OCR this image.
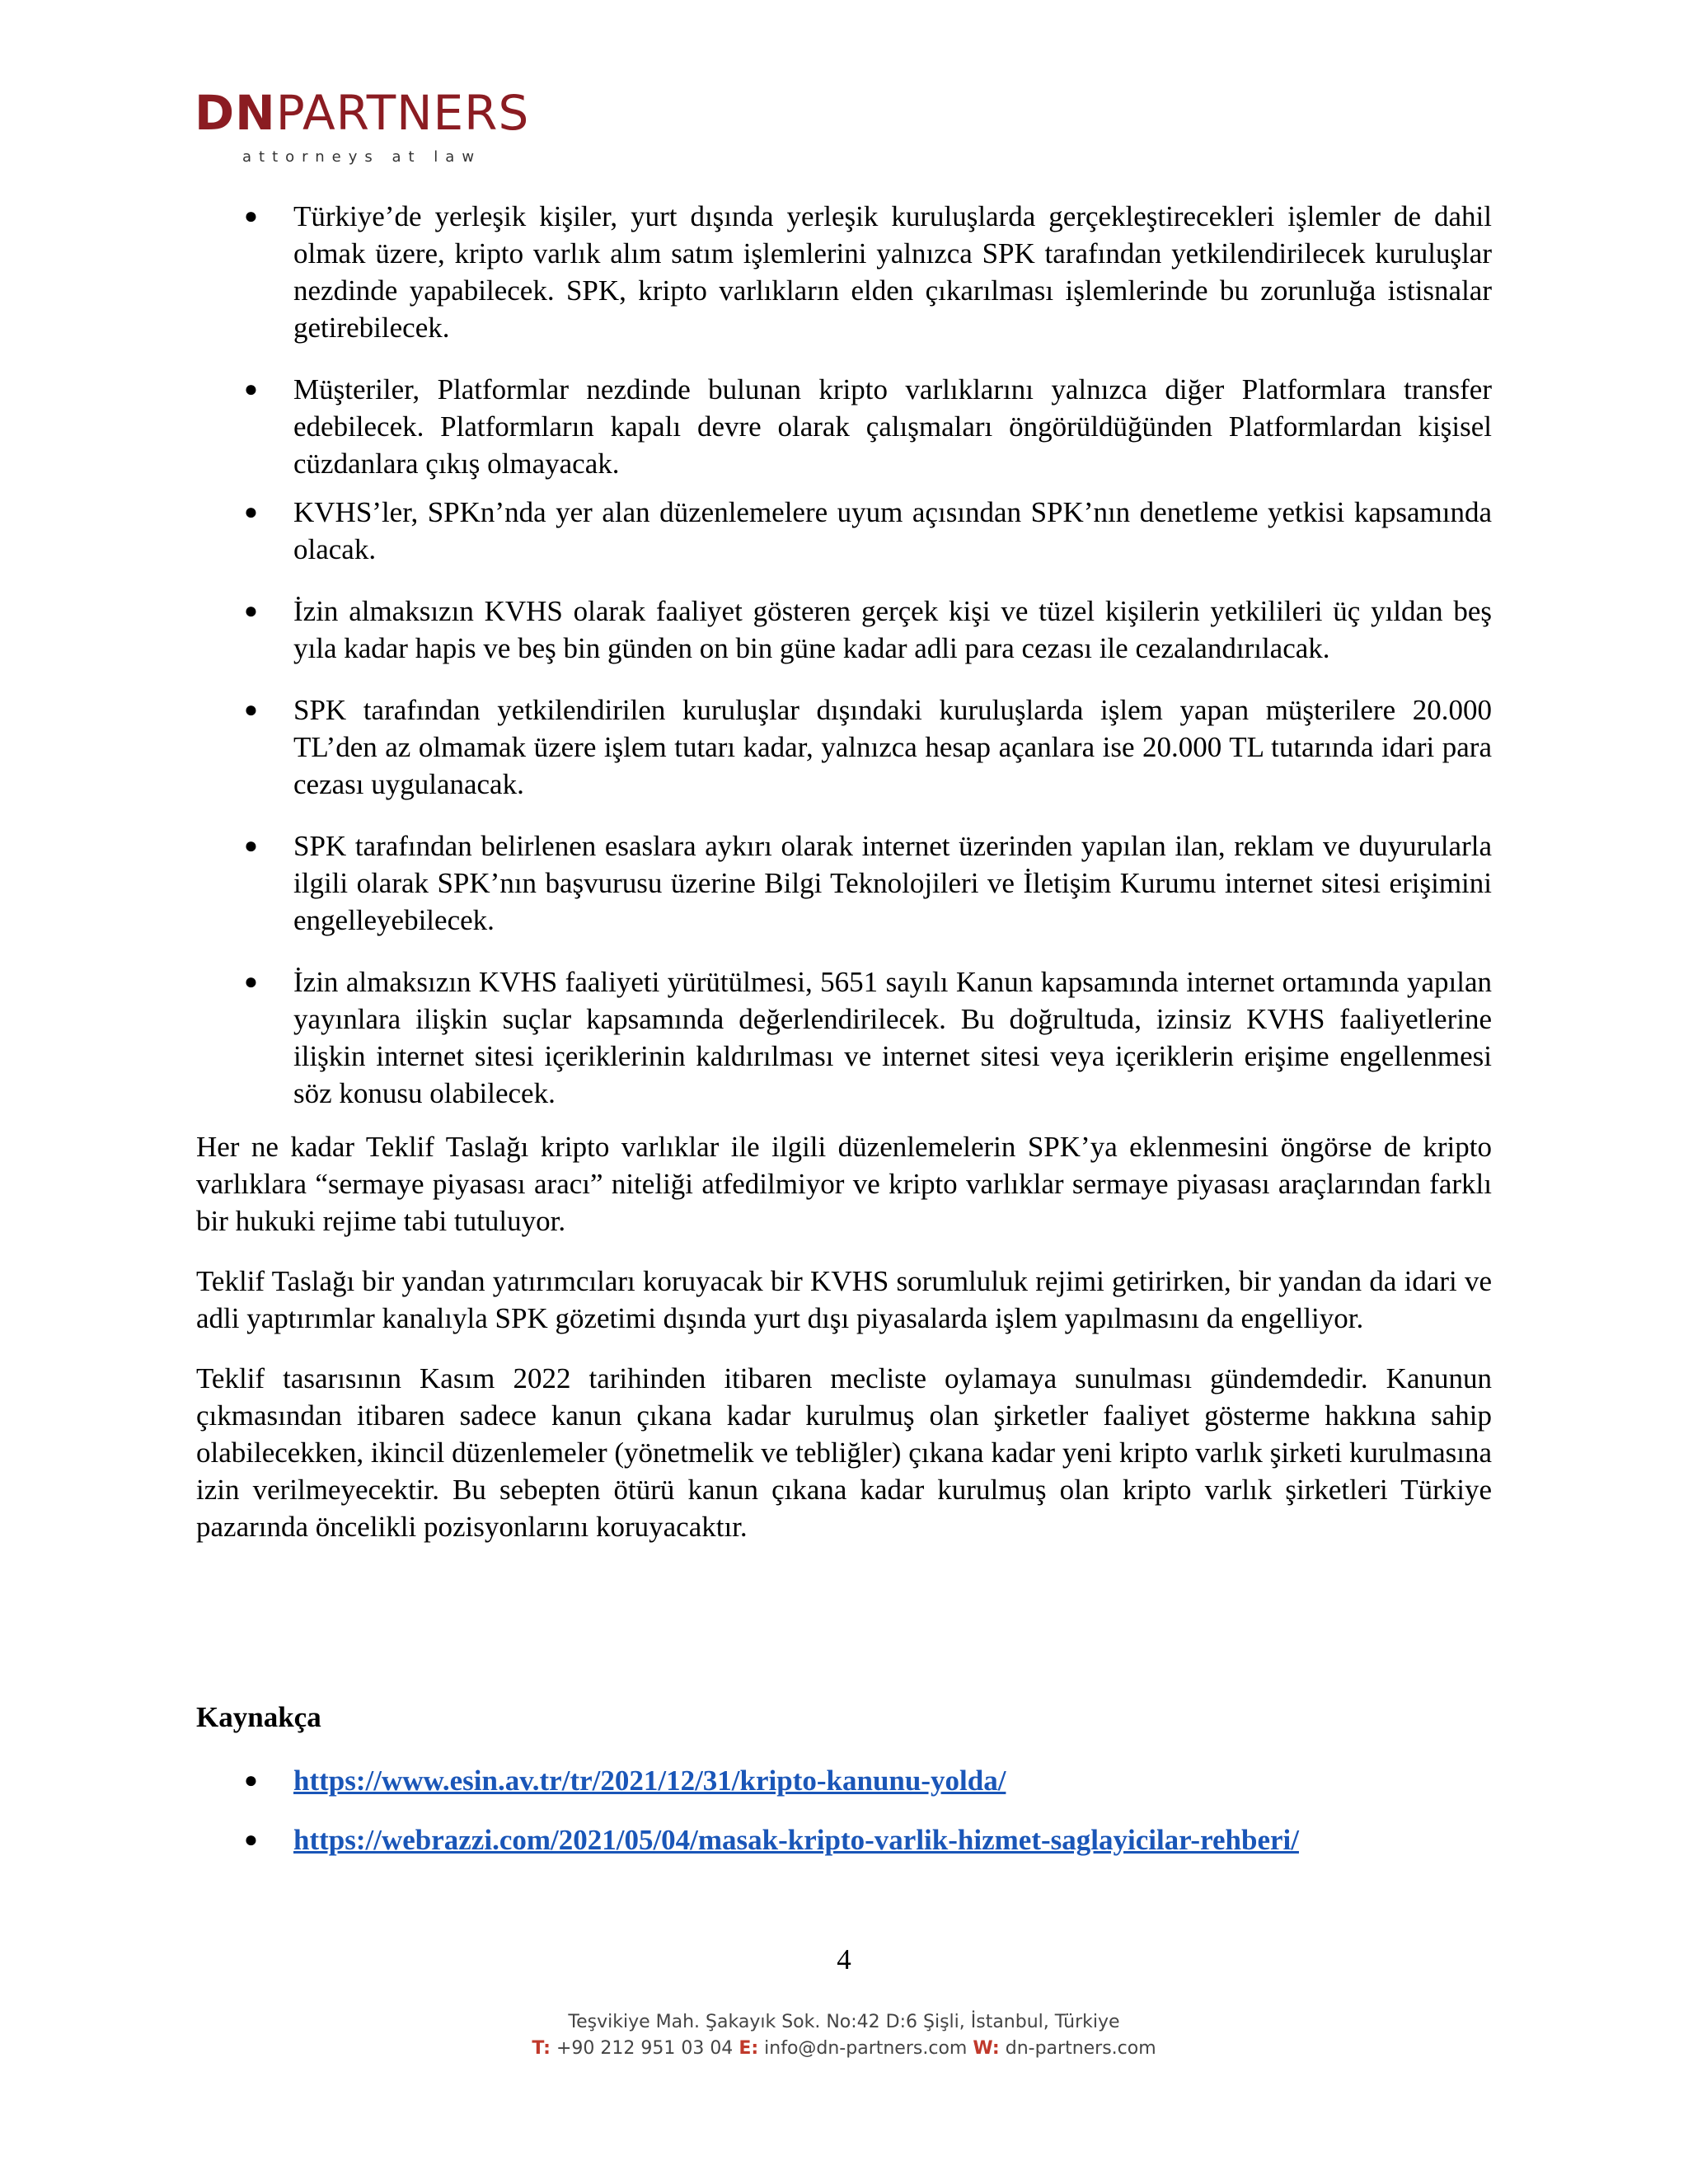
DNPARTNERS
attorneys at law
● Türkiye’de yerleşik kişiler, yurt dışında yerleşik kuruluşlarda gerçekleştirecekleri işlemler de dahil olmak üzere, kripto varlık alım satım işlemlerini yalnızca SPK tarafından yetkilendirilecek kuruluşlar nezdinde yapabilecek. SPK, kripto varlıkların elden çıkarılması işlemlerinde bu zorunluğa istisnalar getirebilecek.
● Müşteriler, Platformlar nezdinde bulunan kripto varlıklarını yalnızca diğer Platformlara transfer edebilecek. Platformların kapalı devre olarak çalışmaları öngörüldüğünden Platformlardan kişisel cüzdanlara çıkış olmayacak.
● KVHS’ler, SPKn’nda yer alan düzenlemelere uyum açısından SPK’nın denetleme yetkisi kapsamında olacak.
● İzin almaksızın KVHS olarak faaliyet gösteren gerçek kişi ve tüzel kişilerin yetkilileri üç yıldan beş yıla kadar hapis ve beş bin günden on bin güne kadar adli para cezası ile cezalandırılacak.
● SPK tarafından yetkilendirilen kuruluşlar dışındaki kuruluşlarda işlem yapan müşterilere 20.000 TL’den az olmamak üzere işlem tutarı kadar, yalnızca hesap açanlara ise 20.000 TL tutarında idari para cezası uygulanacak.
● SPK tarafından belirlenen esaslara aykırı olarak internet üzerinden yapılan ilan, reklam ve duyurularla ilgili olarak SPK’nın başvurusu üzerine Bilgi Teknolojileri ve İletişim Kurumu internet sitesi erişimini engelleyebilecek.
● İzin almaksızın KVHS faaliyeti yürütülmesi, 5651 sayılı Kanun kapsamında internet ortamında yapılan yayınlara ilişkin suçlar kapsamında değerlendirilecek. Bu doğrultuda, izinsiz KVHS faaliyetlerine ilişkin internet sitesi içeriklerinin kaldırılması ve internet sitesi veya içeriklerin erişime engellenmesi söz konusu olabilecek.

Her ne kadar Teklif Taslağı kripto varlıklar ile ilgili düzenlemelerin SPK’ya eklenmesini öngörse de kripto varlıklara “sermaye piyasası aracı” niteliği atfedilmiyor ve kripto varlıklar sermaye piyasası araçlarından farklı bir hukuki rejime tabi tutuluyor.

Teklif Taslağı bir yandan yatırımcıları koruyacak bir KVHS sorumluluk rejimi getirirken, bir yandan da idari ve adli yaptırımlar kanalıyla SPK gözetimi dışında yurt dışı piyasalarda işlem yapılmasını da engelliyor.

Teklif tasarısının Kasım 2022 tarihinden itibaren mecliste oylamaya sunulması gündemdedir. Kanunun çıkmasından itibaren sadece kanun çıkana kadar kurulmuş olan şirketler faaliyet gösterme hakkına sahip olabilecekken, ikincil düzenlemeler (yönetmelik ve tebliğler) çıkana kadar yeni kripto varlık şirketi kurulmasına izin verilmeyecektir. Bu sebepten ötürü kanun çıkana kadar kurulmuş olan kripto varlık şirketleri Türkiye pazarında öncelikli pozisyonlarını koruyacaktır.

Kaynakça
● https://www.esin.av.tr/tr/2021/12/31/kripto-kanunu-yolda/
● https://webrazzi.com/2021/05/04/masak-kripto-varlik-hizmet-saglayicilar-rehberi/
4
Teşvikiye Mah. Şakayık Sok. No:42 D:6 Şişli, İstanbul, Türkiye
T: +90 212 951 03 04 E: info@dn-partners.com W: dn-partners.com
